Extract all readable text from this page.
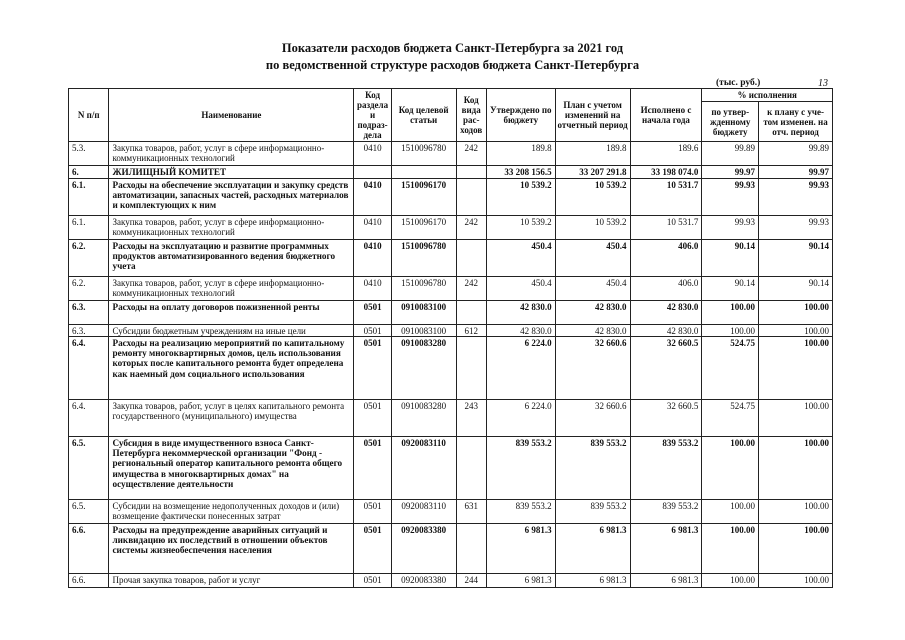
Показатели расходов бюджета Санкт-Петербурга за 2021 год
по ведомственной структуре расходов бюджета Санкт-Петербурга
(тыс. руб.)	13
N п/п	Наименование	Код раздела и подраз-дела	Код целевой статьи	Код вида рас-ходов	Утверждено по бюджету	План с учетом изменений на отчетный период	Исполнено с начала года	% исполнения	
								по утвер-жденному бюджету	к плану с уче-том изменен. на отч. период
5.3.	Закупка товаров, работ, услуг в сфере информационно-коммуникационных технологий	0410	1510096780	242	189.8	189.8	189.6	99.89	99.89
6.	ЖИЛИЩНЫЙ КОМИТЕТ				33 208 156.5	33 207 291.8	33 198 074.0	99.97	99.97
6.1.	Расходы на обеспечение эксплуатации и закупку средств автоматизации, запасных частей, расходных материалов и комплектующих к ним	0410	1510096170		10 539.2	10 539.2	10 531.7	99.93	99.93
6.1.	Закупка товаров, работ, услуг в сфере информационно-коммуникационных технологий	0410	1510096170	242	10 539.2	10 539.2	10 531.7	99.93	99.93
6.2.	Расходы на эксплуатацию и развитие программных продуктов автоматизированного ведения бюджетного учета	0410	1510096780		450.4	450.4	406.0	90.14	90.14
6.2.	Закупка товаров, работ, услуг в сфере информационно-коммуникационных технологий	0410	1510096780	242	450.4	450.4	406.0	90.14	90.14
6.3.	Расходы на оплату договоров пожизненной ренты	0501	0910083100		42 830.0	42 830.0	42 830.0	100.00	100.00
6.3.	Субсидии бюджетным учреждениям на иные цели	0501	0910083100	612	42 830.0	42 830.0	42 830.0	100.00	100.00
6.4.	Расходы на реализацию мероприятий по капитальному ремонту многоквартирных домов, цель использования которых после капитального ремонта будет определена как наемный дом социального использования	0501	0910083280		6 224.0	32 660.6	32 660.5	524.75	100.00
6.4.	Закупка товаров, работ, услуг в целях капитального ремонта государственного (муниципального) имущества	0501	0910083280	243	6 224.0	32 660.6	32 660.5	524.75	100.00
6.5.	Субсидия в виде имущественного взноса Санкт-Петербурга некоммерческой организации "Фонд - региональный оператор капитального ремонта общего имущества в многоквартирных домах" на осуществление деятельности	0501	0920083110		839 553.2	839 553.2	839 553.2	100.00	100.00
6.5.	Субсидии на возмещение недополученных доходов и (или) возмещение фактически понесенных затрат	0501	0920083110	631	839 553.2	839 553.2	839 553.2	100.00	100.00
6.6.	Расходы на предупреждение аварийных ситуаций и ликвидацию их последствий в отношении объектов системы жизнеобеспечения населения	0501	0920083380		6 981.3	6 981.3	6 981.3	100.00	100.00
6.6.	Прочая закупка товаров, работ и услуг	0501	0920083380	244	6 981.3	6 981.3	6 981.3	100.00	100.00
